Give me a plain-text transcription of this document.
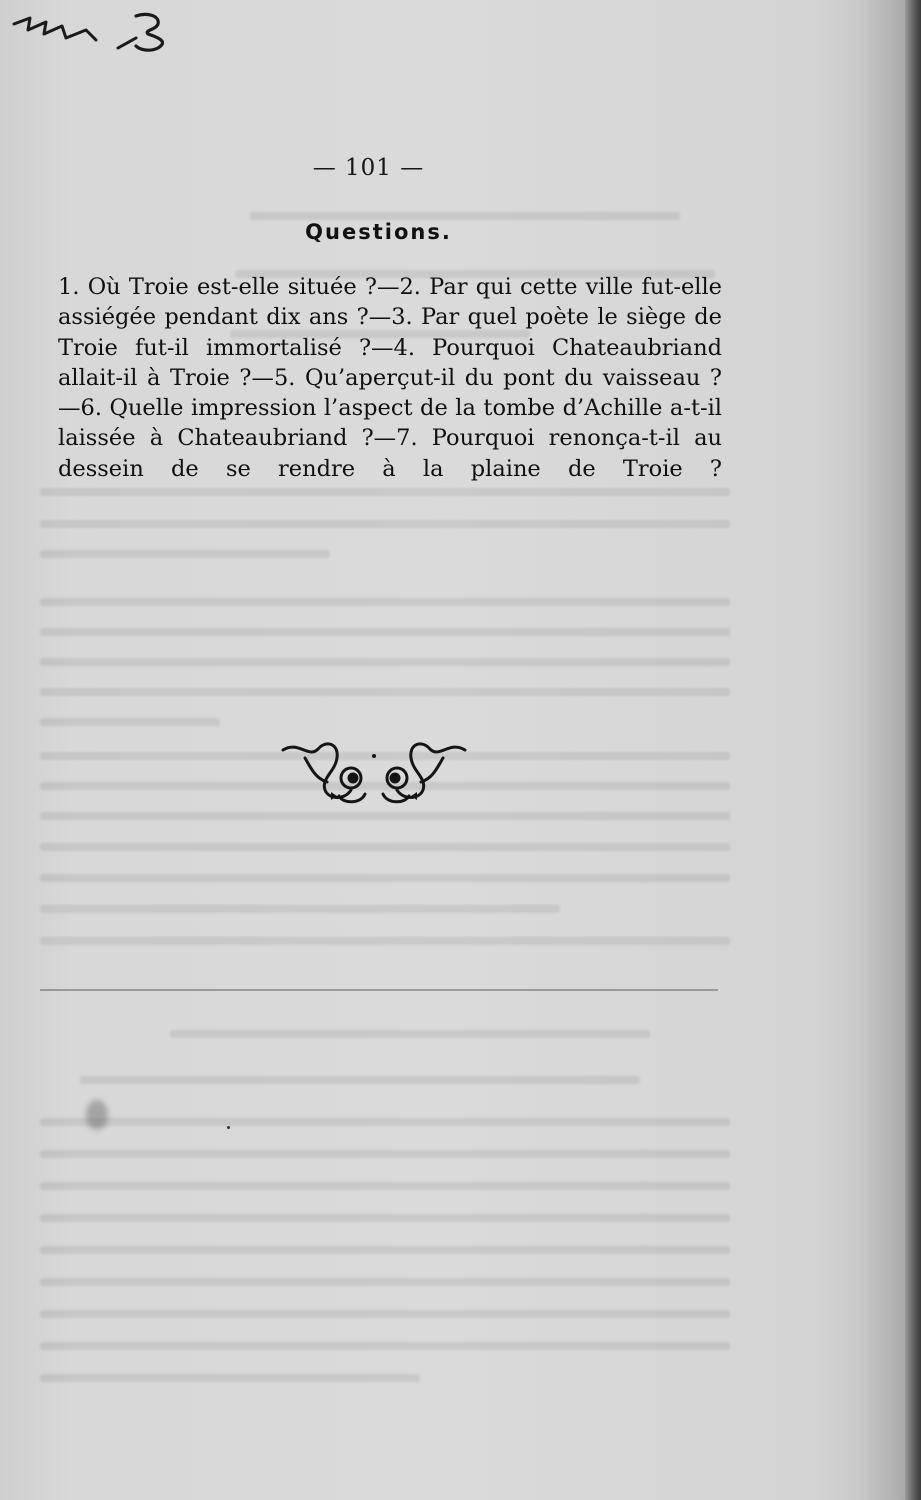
— 101 —
Questions.

1. Où Troie est-elle située ?—2. Par qui cette ville fut-elle assiégée pendant dix ans ?—3. Par quel poète le siège de Troie fut-il immortalisé ?—4. Pourquoi Chateaubriand allait-il à Troie ?—5. Qu’aperçut-il du pont du vaisseau ?—6. Quelle impression l’aspect de la tombe d’Achille a-t-il laissée à Chateaubriand ?—7. Pourquoi renonça-t-il au dessein de se rendre à la plaine de Troie ?
